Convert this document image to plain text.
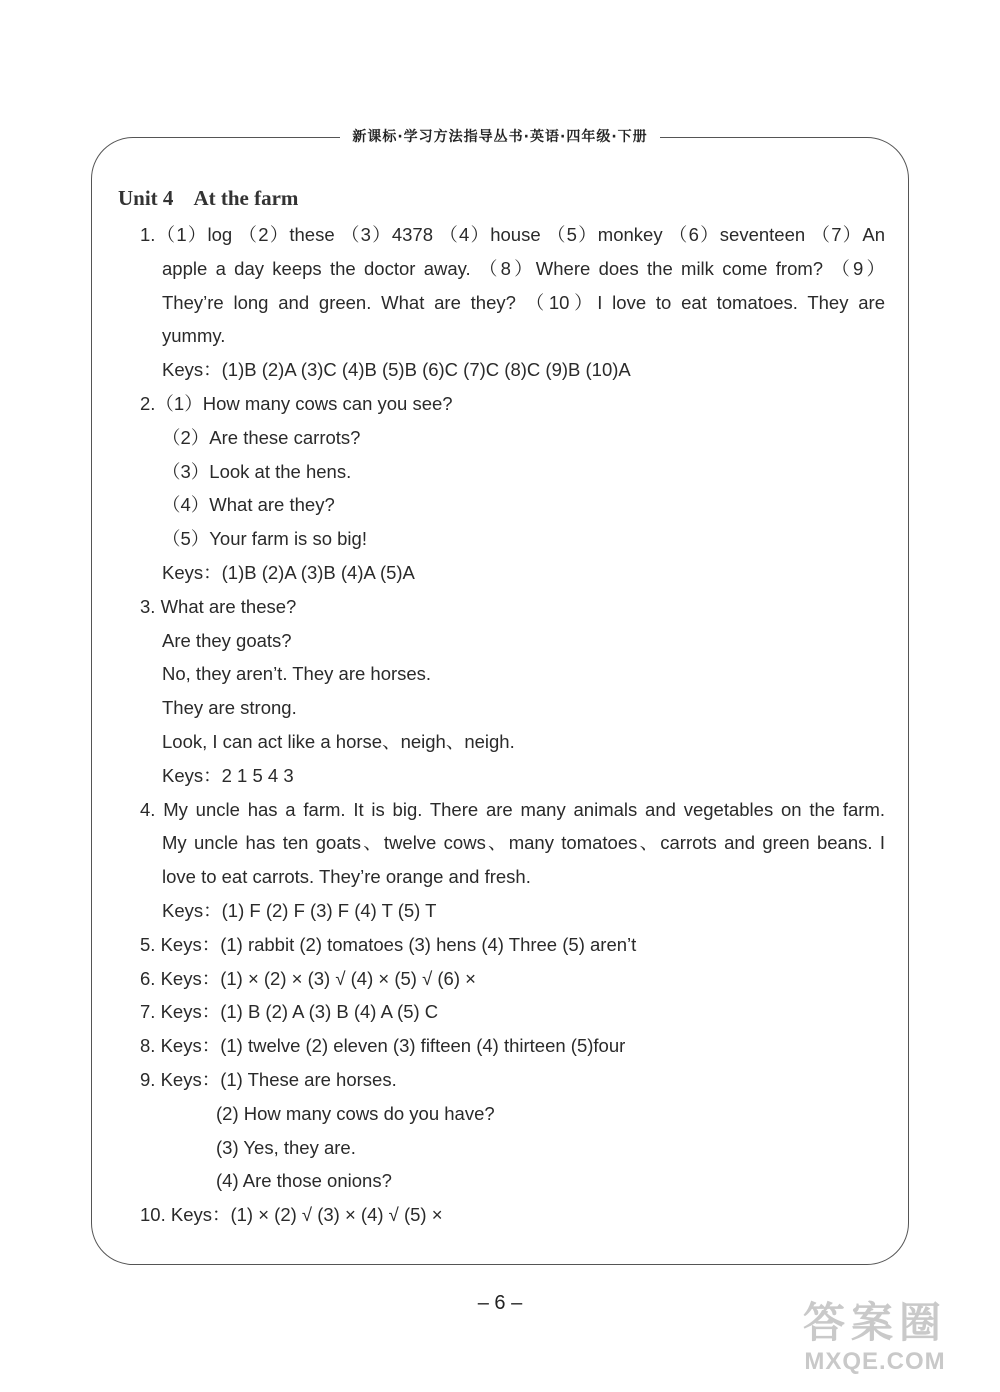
新课标·学习方法指导丛书·英语·四年级·下册
Unit 4 At the farm
1.（1）log （2）these （3）4378 （4）house （5）monkey （6）seventeen （7）An
apple a day keeps the doctor away. （8）Where does the milk come from? （9）
They’re long and green. What are they? （10）I love to eat tomatoes. They are
yummy.
Keys：(1)B (2)A (3)C (4)B (5)B (6)C (7)C (8)C (9)B (10)A
2.（1）How many cows can you see?
（2）Are these carrots?
（3）Look at the hens.
（4）What are they?
（5）Your farm is so big!
Keys：(1)B (2)A (3)B (4)A (5)A
3. What are these?
Are they goats?
No, they aren’t. They are horses.
They are strong.
Look, I can act like a horse、neigh、neigh.
Keys：2 1 5 4 3
4. My uncle has a farm. It is big. There are many animals and vegetables on the farm.
My uncle has ten goats、twelve cows、many tomatoes、carrots and green beans. I
love to eat carrots. They’re orange and fresh.
Keys：(1) F (2) F (3) F (4) T (5) T
5. Keys：(1) rabbit (2) tomatoes (3) hens (4) Three (5) aren’t
6. Keys：(1) × (2) × (3) √ (4) × (5) √ (6) ×
7. Keys：(1) B (2) A (3) B (4) A (5) C
8. Keys：(1) twelve (2) eleven (3) fifteen (4) thirteen (5)four
9. Keys：(1) These are horses.
(2) How many cows do you have?
(3) Yes, they are.
(4) Are those onions?
10. Keys：(1) × (2) √ (3) × (4) √ (5) ×
– 6 –	答案圈
MXQE.COM
